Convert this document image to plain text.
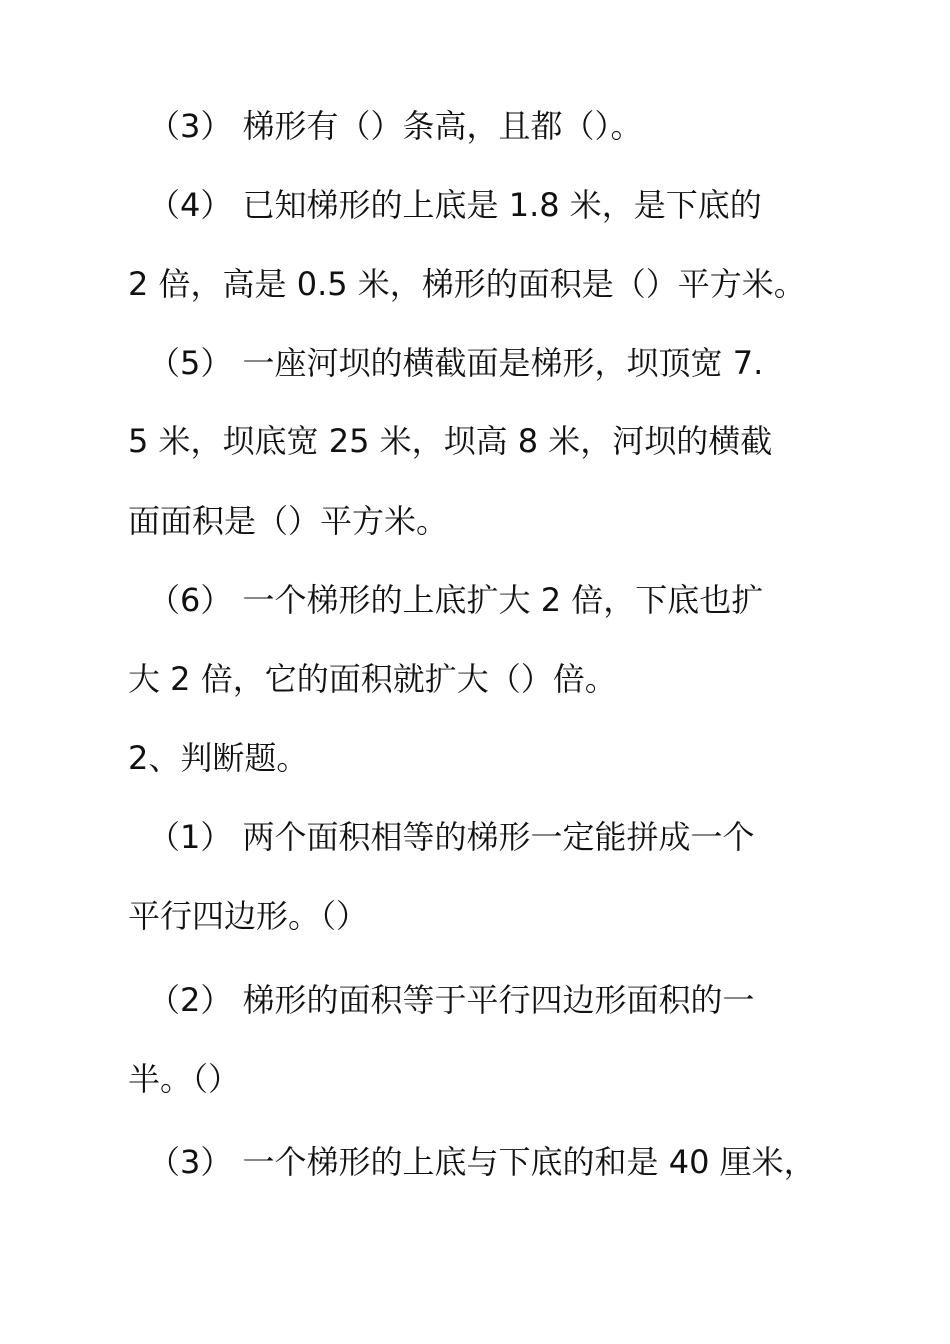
（3） 梯形有（）条高，且都（）。
（4） 已知梯形的上底是 1.8 米，是下底的
2 倍，高是 0.5 米，梯形的面积是（）平方米。
（5） 一座河坝的横截面是梯形，坝顶宽 7.
5 米，坝底宽 25 米，坝高 8 米，河坝的横截
面面积是（）平方米。
（6） 一个梯形的上底扩大 2 倍，下底也扩
大 2 倍，它的面积就扩大（）倍。
2、判断题。
（1） 两个面积相等的梯形一定能拼成一个
平行四边形。（）
（2） 梯形的面积等于平行四边形面积的一
半。（）
（3） 一个梯形的上底与下底的和是 40 厘米，
